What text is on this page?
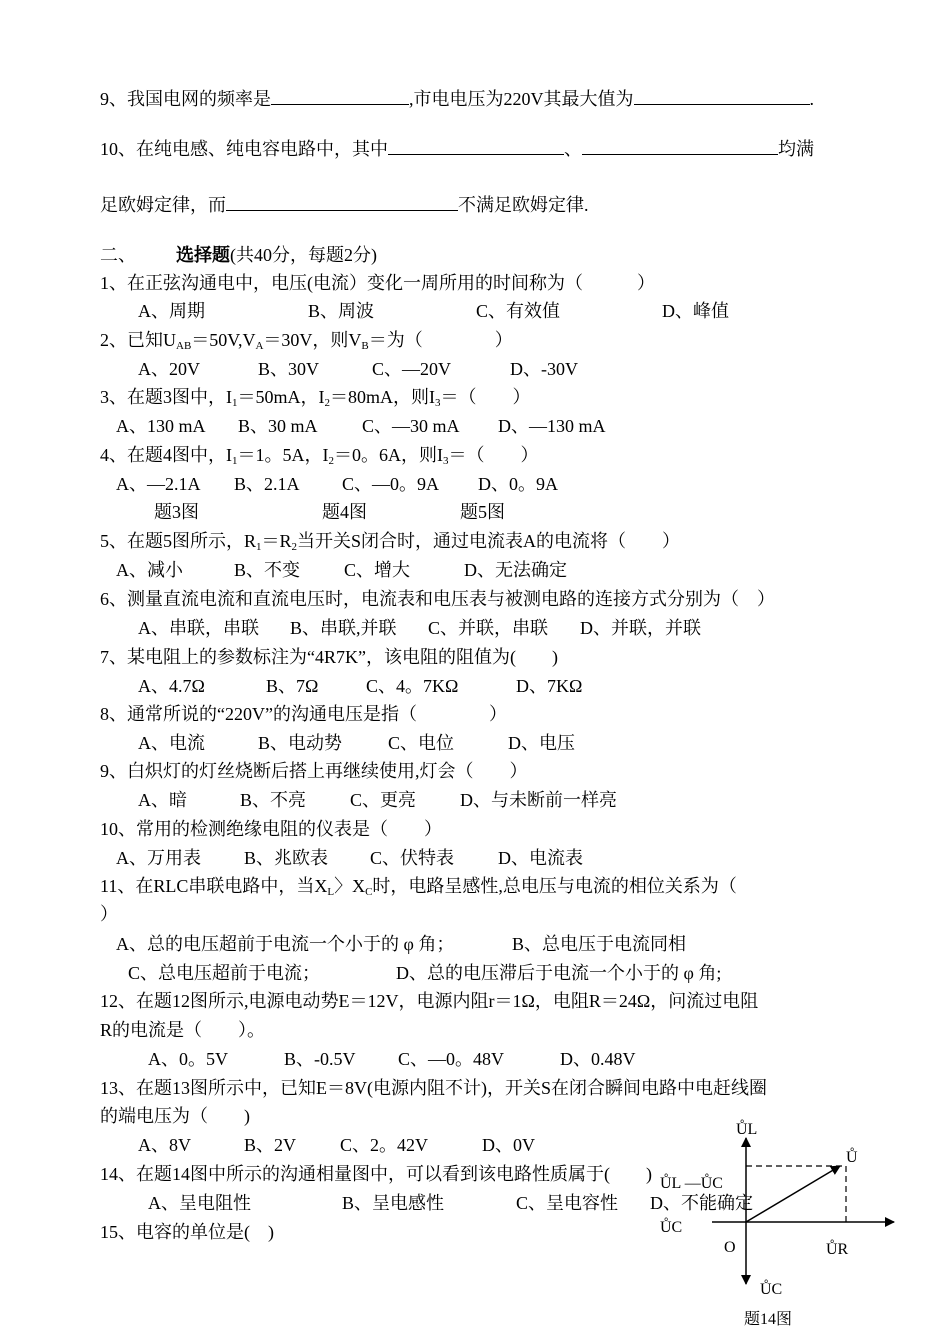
9、我国电网的频率是	,市电电压为220V其最大值为	.
10、在纯电感、纯电容电路中，其中	、	均满
足欧姆定律，而	不满足欧姆定律.
二、 选择题(共40分，每题2分)
1、在正弦沟通电中，电压(电流）变化一周所用的时间称为（　　　）
A、周期	B、周波	C、有效值	D、峰值
2、已知$U_{AB}=50V,V_A=30V$，则$V_B=$为（　　　　）
A、20V	B、30V	C、—20V	D、-30V
3、在题3图中，$I_1=50mA$，$I_2=80mA$，则$I_3=$（　　）
A、130 mA B、30 mA C、—30 mA D、—130 mA
4、在题4图中，$I_1=1$。5A，$I_2=0$。6A，则$I_3=$（　　）
A、—2.1A B、2.1A C、—0。9A D、0。9A
题3图	题4图	题5图
5、在题5图所示，$R_1=R_2$当开关S闭合时，通过电流表A的电流将（　　）
A、减小	B、不变 C、增大	D、无法确定
6、测量直流电流和直流电压时，电流表和电压表与被测电路的连接方式分别为（　）
A、串联，串联 B、串联,并联 C、并联，串联 D、并联，并联
7、某电阻上的参数标注为“4R7K”，该电阻的阻值为(　　)
A、4.7Ω	B、7Ω	C、4。7KΩ	D、7KΩ
8、通常所说的“220V”的沟通电压是指（　　　　）
A、电流	B、电动势	C、电位	D、电压
9、白炽灯的灯丝烧断后搭上再继续使用,灯会（　　）
A、暗	B、不亮 C、更亮 D、与未断前一样亮
10、常用的检测绝缘电阻的仪表是（　　）
A、万用表 B、兆欧表 C、伏特表 D、电流表
11、在RLC串联电路中，当$X_L$〉$X_C$时，电路呈感性,总电压与电流的相位关系为（
）
A、总的电压超前于电流一个小于的 φ 角；	B、总电压于电流同相
C、总电压超前于电流；	D、总的电压滞后于电流一个小于的 φ 角;
12、在题12图所示,电源电动势E＝12V，电源内阻r＝1Ω，电阻R＝24Ω，问流过电阻
R的电流是（　　）。
A、0。5V	B、-0.5V C、—0。48V	D、0.48V
13、在题13图所示中，已知E＝8V(电源内阻不计)，开关S在闭合瞬间电路中电赶线圈
的端电压为（　　)
A、8V	B、2V C、2。42V	D、0V
14、在题14图中所示的沟通相量图中，可以看到该电路性质属于(　　)
A、呈电阻性	B、呈电感性	C、呈电容性 D、不能确定
15、电容的单位是(　)
ŮL
Ů
ŮL —ŮC
ŮC
O	ŮR
ŮC
题14图
